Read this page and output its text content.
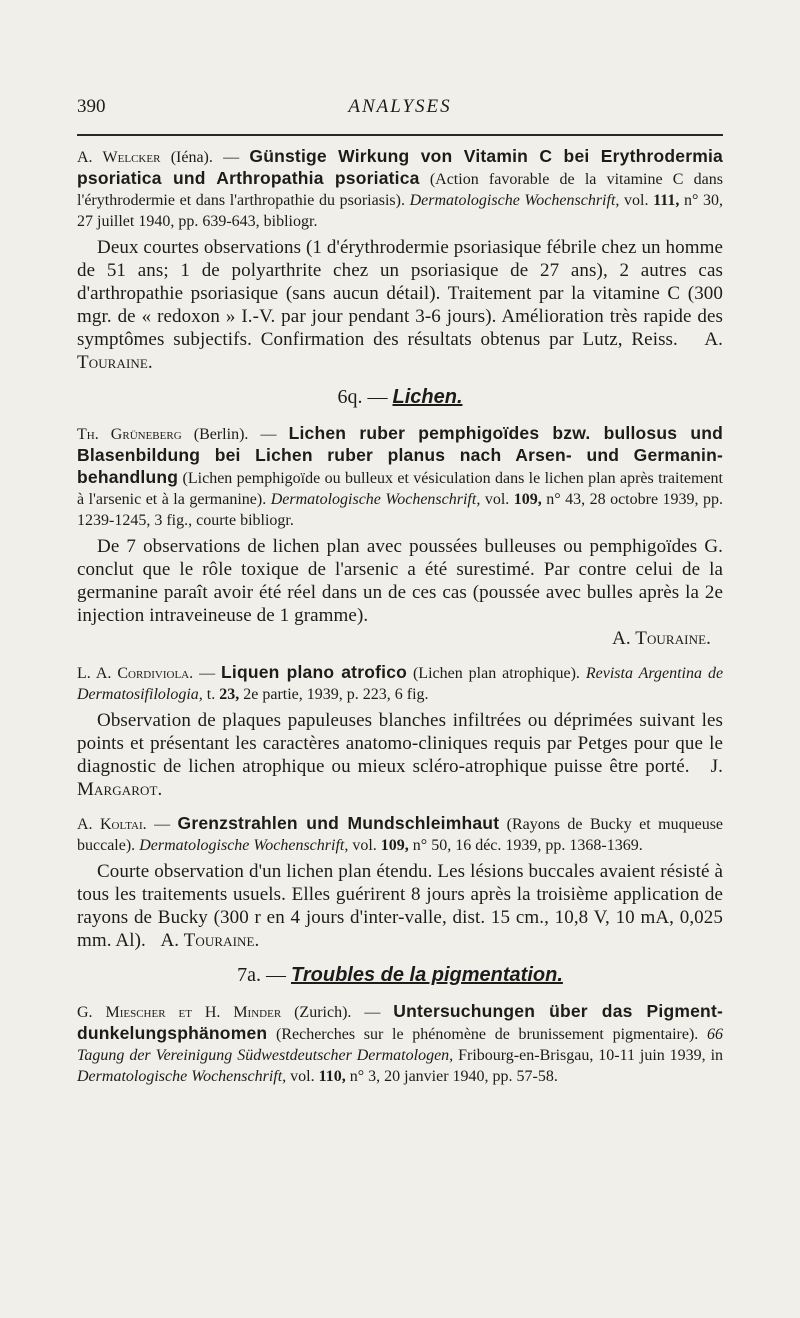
390	ANALYSES

A. Welcker (Iéna). — Günstige Wirkung von Vitamin C bei Erythrodermia psoriatica und Arthropathia psoriatica (Action favorable de la vitamine C dans l'érythrodermie et dans l'arthropathie du psoriasis). Dermatologische Wochenschrift, vol. 111, n° 30, 27 juillet 1940, pp. 639-643, bibliogr.

Deux courtes observations (1 d'érythrodermie psoriasique fébrile chez un homme de 51 ans; 1 de polyarthrite chez un psoriasique de 27 ans), 2 autres cas d'arthropathie psoriasique (sans aucun détail). Traitement par la vitamine C (300 mgr. de « redoxon » I.-V. par jour pendant 3-6 jours). Amélioration très rapide des symptômes subjectifs. Confirmation des résultats obtenus par Lutz, Reiss. A. Touraine.

6q. — Lichen.

Th. Grüneberg (Berlin). — Lichen ruber pemphigoïdes bzw. bullosus und Blasenbildung bei Lichen ruber planus nach Arsen- und Germanin-behandlung (Lichen pemphigoïde ou bulleux et vésiculation dans le lichen plan après traitement à l'arsenic et à la germanine). Dermatologische Wochenschrift, vol. 109, n° 43, 28 octobre 1939, pp. 1239-1245, 3 fig., courte bibliogr.

De 7 observations de lichen plan avec poussées bulleuses ou pemphigoïdes G. conclut que le rôle toxique de l'arsenic a été surestimé. Par contre celui de la germanine paraît avoir été réel dans un de ces cas (poussée avec bulles après la 2e injection intraveineuse de 1 gramme).

A. Touraine.

L. A. Cordiviola. — Liquen plano atrofico (Lichen plan atrophique). Revista Argentina de Dermatosifilologia, t. 23, 2e partie, 1939, p. 223, 6 fig.

Observation de plaques papuleuses blanches infiltrées ou déprimées suivant les points et présentant les caractères anatomo-cliniques requis par Petges pour que le diagnostic de lichen atrophique ou mieux scléro-atrophique puisse être porté. J. Margarot.

A. Koltai. — Grenzstrahlen und Mundschleimhaut (Rayons de Bucky et muqueuse buccale). Dermatologische Wochenschrift, vol. 109, n° 50, 16 déc. 1939, pp. 1368-1369.

Courte observation d'un lichen plan étendu. Les lésions buccales avaient résisté à tous les traitements usuels. Elles guérirent 8 jours après la troisième application de rayons de Bucky (300 r en 4 jours d'inter-valle, dist. 15 cm., 10,8 V, 10 mA, 0,025 mm. Al). A. Touraine.

7a. — Troubles de la pigmentation.

G. Miescher et H. Minder (Zurich). — Untersuchungen über das Pigment-dunkelungsphänomen (Recherches sur le phénomène de brunissement pigmentaire). 66 Tagung der Vereinigung Südwestdeutscher Dermatologen, Fribourg-en-Brisgau, 10-11 juin 1939, in Dermatologische Wochenschrift, vol. 110, n° 3, 20 janvier 1940, pp. 57-58.
